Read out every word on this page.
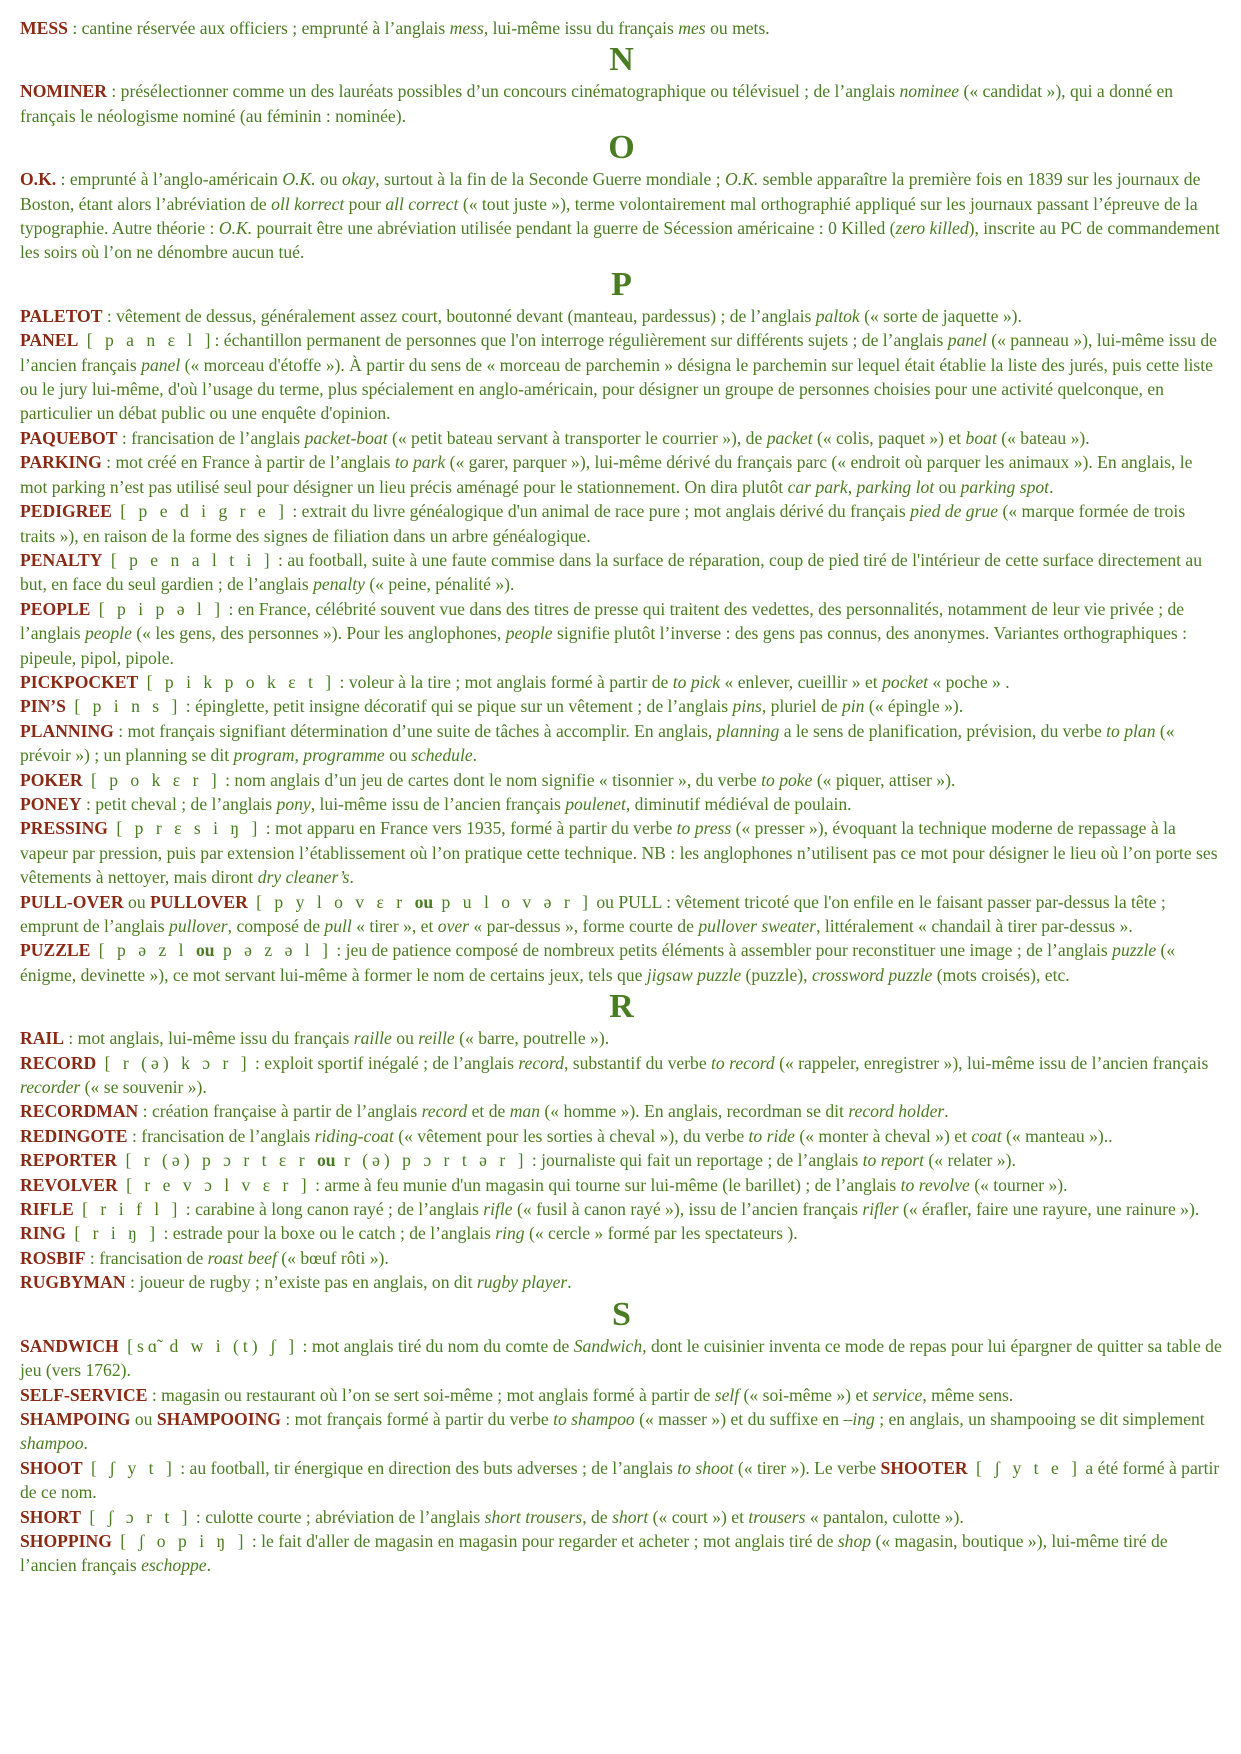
MESS : cantine réservée aux officiers ; emprunté à l’anglais mess, lui-même issu du français mes ou mets.

N

NOMINER : présélectionner comme un des lauréats possibles d’un concours cinématographique ou télévisuel ; de l’anglais nominee (« candidat »), qui a donné en français le néologisme nominé (au féminin : nominée).

O

O.K. : emprunté à l’anglo-américain O.K. ou okay, surtout à la fin de la Seconde Guerre mondiale ; O.K. semble apparaître la première fois en 1839 sur les journaux de Boston, étant alors l’abréviation de oll korrect pour all correct (« tout juste »), terme volontairement mal orthographié appliqué sur les journaux passant l’épreuve de la typographie. Autre théorie : O.K. pourrait être une abréviation utilisée pendant la guerre de Sécession américaine : 0 Killed (zero killed), inscrite au PC de commandement les soirs où l’on ne dénombre aucun tué.

P

PALETOT : vêtement de dessus, généralement assez court, boutonné devant (manteau, pardessus) ; de l’anglais paltok (« sorte de jaquette »).

PANEL [ p a n ɛ l ]: échantillon permanent de personnes que l'on interroge régulièrement sur différents sujets ; de l’anglais panel (« panneau »), lui-même issu de l’ancien français panel (« morceau d'étoffe »). À partir du sens de « morceau de parchemin » désigna le parchemin sur lequel était établie la liste des jurés, puis cette liste ou le jury lui-même, d'où l’usage du terme, plus spécialement en anglo-américain, pour désigner un groupe de personnes choisies pour une activité quelconque, en particulier un débat public ou une enquête d'opinion.

PAQUEBOT : francisation de l’anglais packet-boat (« petit bateau servant à transporter le courrier »), de packet (« colis, paquet ») et boat (« bateau »).

PARKING : mot créé en France à partir de l’anglais to park (« garer, parquer »), lui-même dérivé du français parc (« endroit où parquer les animaux »). En anglais, le mot parking n’est pas utilisé seul pour désigner un lieu précis aménagé pour le stationnement. On dira plutôt car park, parking lot ou parking spot.

PEDIGREE [ p e d i g r e ] : extrait du livre généalogique d'un animal de race pure ; mot anglais dérivé du français pied de grue (« marque formée de trois traits »), en raison de la forme des signes de filiation dans un arbre généalogique.

PENALTY [ p e n a l t i ] : au football, suite à une faute commise dans la surface de réparation, coup de pied tiré de l'intérieur de cette surface directement au but, en face du seul gardien ; de l’anglais penalty (« peine, pénalité »).

PEOPLE [ p i p ə l ] : en France, célébrité souvent vue dans des titres de presse qui traitent des vedettes, des personnalités, notamment de leur vie privée ; de l’anglais people (« les gens, des personnes »). Pour les anglophones, people signifie plutôt l’inverse : des gens pas connus, des anonymes. Variantes orthographiques : pipeule, pipol, pipole.

PICKPOCKET [ p i k p o k ɛ t ] : voleur à la tire ; mot anglais formé à partir de to pick « enlever, cueillir » et pocket « poche » .

PIN’S [ p i n s ] : épinglette, petit insigne décoratif qui se pique sur un vêtement ; de l’anglais pins, pluriel de pin (« épingle »).

PLANNING : mot français signifiant détermination d’une suite de tâches à accomplir. En anglais, planning a le sens de planification, prévision, du verbe to plan (« prévoir ») ; un planning se dit program, programme ou schedule.

POKER [ p o k ɛ r ] : nom anglais d’un jeu de cartes dont le nom signifie « tisonnier », du verbe to poke (« piquer, attiser »).

PONEY : petit cheval ; de l’anglais pony, lui-même issu de l’ancien français poulenet, diminutif médiéval de poulain.

PRESSING [ p r ɛ s i ŋ ] : mot apparu en France vers 1935, formé à partir du verbe to press (« presser »), évoquant la technique moderne de repassage à la vapeur par pression, puis par extension l’établissement où l’on pratique cette technique. NB : les anglophones n’utilisent pas ce mot pour désigner le lieu où l’on porte ses vêtements à nettoyer, mais diront dry cleaner’s.

PULL-OVER ou PULLOVER [ p y l o v ɛ r ou p u l o v ə r ] ou PULL : vêtement tricoté que l'on enfile en le faisant passer par-dessus la tête ; emprunt de l’anglais pullover, composé de pull « tirer », et over « par-dessus », forme courte de pullover sweater, littéralement « chandail à tirer par-dessus ».

PUZZLE [ p ə z l ou p ə z ə l ] : jeu de patience composé de nombreux petits éléments à assembler pour reconstituer une image ; de l’anglais puzzle (« énigme, devinette »), ce mot servant lui-même à former le nom de certains jeux, tels que jigsaw puzzle (puzzle), crossword puzzle (mots croisés), etc.

R

RAIL : mot anglais, lui-même issu du français raille ou reille (« barre, poutrelle »).

RECORD [ r (ə) k ɔ r ] : exploit sportif inégalé ; de l’anglais record, substantif du verbe to record (« rappeler, enregistrer »), lui-même issu de l’ancien français recorder (« se souvenir »).

RECORDMAN : création française à partir de l’anglais record et de man (« homme »). En anglais, recordman se dit record holder.

REDINGOTE : francisation de l’anglais riding-coat (« vêtement pour les sorties à cheval »), du verbe to ride (« monter à cheval ») et coat (« manteau »)..

REPORTER [ r (ə) p ɔ r t ɛ r ou r (ə) p ɔ r t ə r ] : journaliste qui fait un reportage ; de l’anglais to report (« relater »).

REVOLVER [ r e v ɔ l v ɛ r ] : arme à feu munie d'un magasin qui tourne sur lui-même (le barillet) ; de l’anglais to revolve (« tourner »).

RIFLE [ r i f l ] : carabine à long canon rayé ; de l’anglais rifle (« fusil à canon rayé »), issu de l’ancien français rifler (« érafler, faire une rayure, une rainure »).

RING [ r i ŋ ] : estrade pour la boxe ou le catch ; de l’anglais ring (« cercle » formé par les spectateurs ).

ROSBIF : francisation de roast beef (« bœuf rôti »).

RUGBYMAN : joueur de rugby ; n’existe pas en anglais, on dit rugby player.

S

SANDWICH [sɑ̃ d w i (t) ʃ ] : mot anglais tiré du nom du comte de Sandwich, dont le cuisinier inventa ce mode de repas pour lui épargner de quitter sa table de jeu (vers 1762).

SELF-SERVICE : magasin ou restaurant où l’on se sert soi-même ; mot anglais formé à partir de self (« soi-même ») et service, même sens.

SHAMPOING ou SHAMPOOING : mot français formé à partir du verbe to shampoo (« masser ») et du suffixe en –ing ; en anglais, un shampooing se dit simplement shampoo.

SHOOT [ ʃ y t ] : au football, tir énergique en direction des buts adverses ; de l’anglais to shoot (« tirer »). Le verbe SHOOTER [ ʃ y t e ] a été formé à partir de ce nom.

SHORT [ ʃ ɔ r t ] : culotte courte ; abréviation de l’anglais short trousers, de short (« court ») et trousers « pantalon, culotte »).

SHOPPING [ ʃ o p i ŋ ] : le fait d'aller de magasin en magasin pour regarder et acheter ; mot anglais tiré de shop (« magasin, boutique »), lui-même tiré de l’ancien français eschoppe.
